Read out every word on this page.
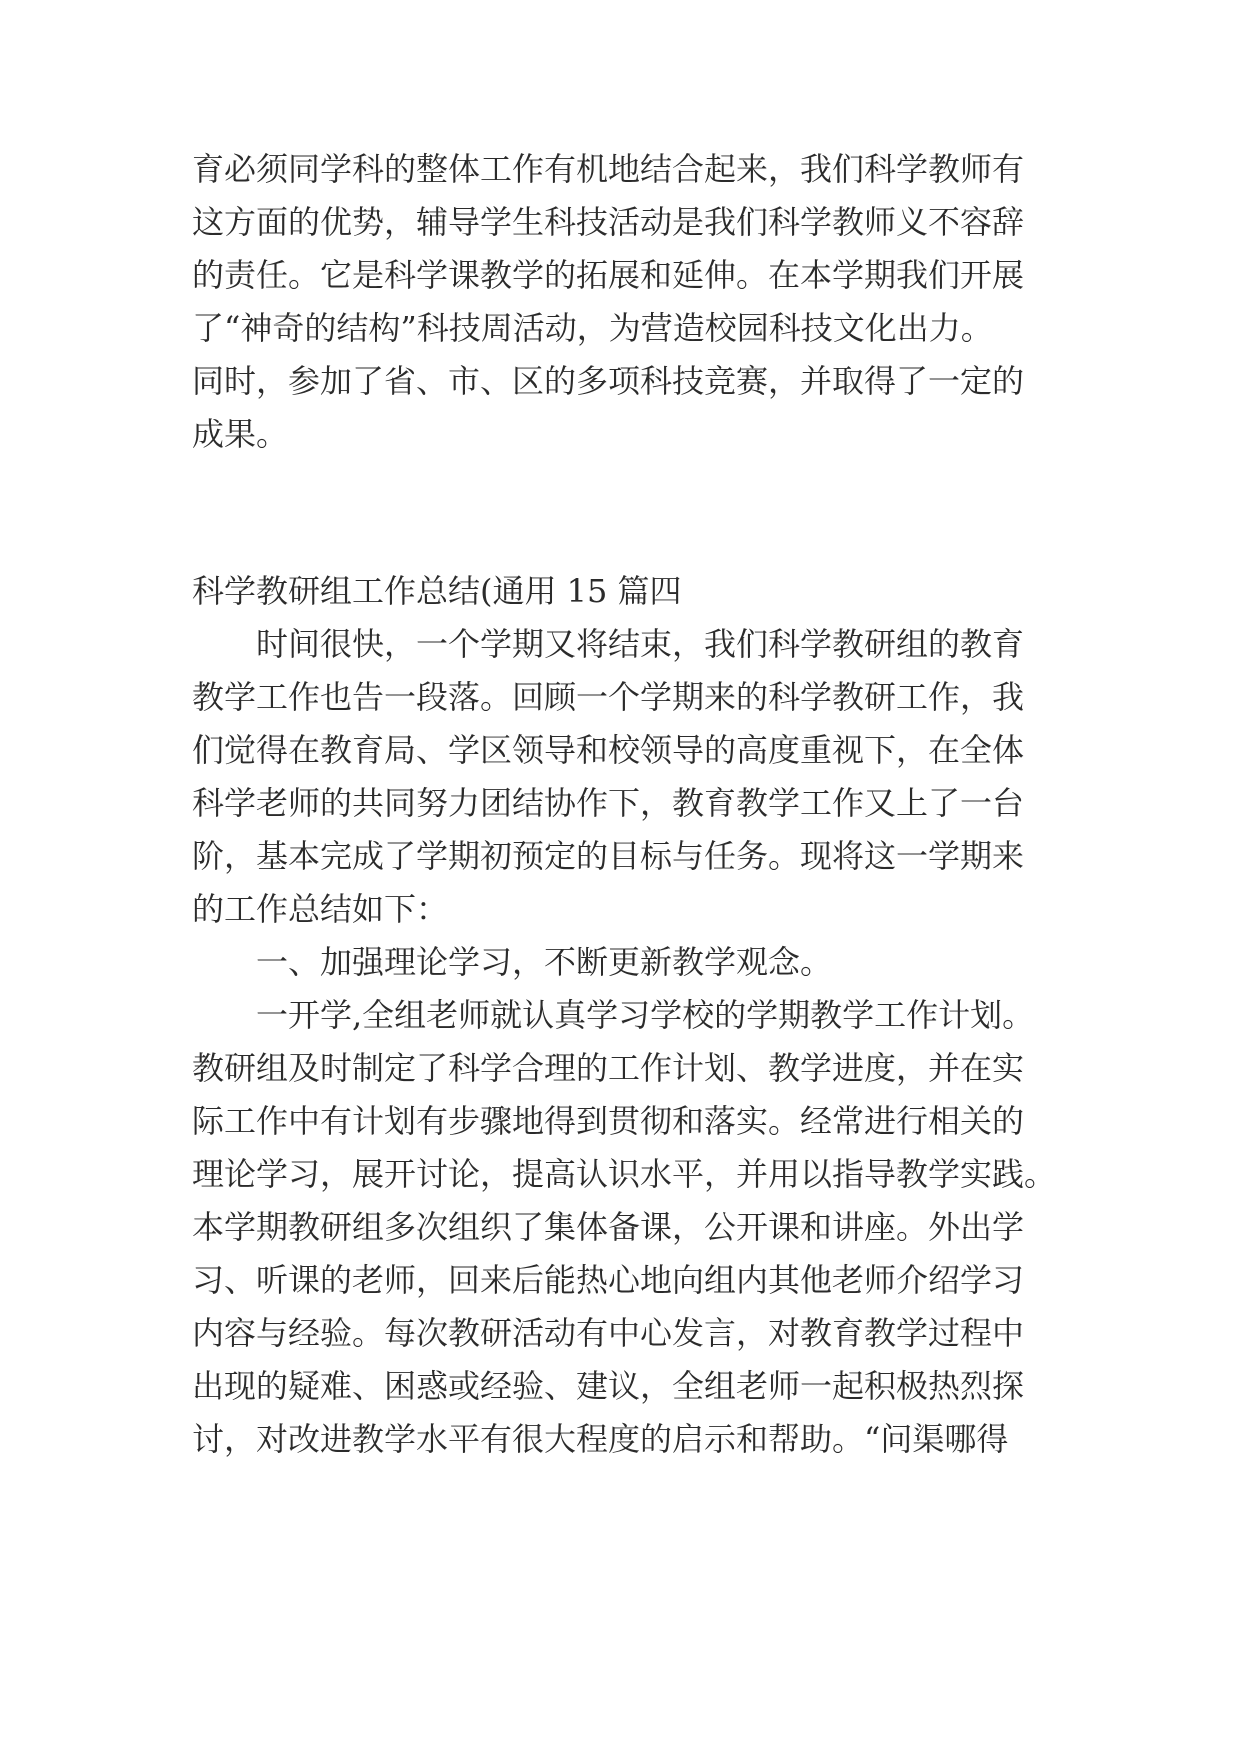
育必须同学科的整体工作有机地结合起来，我们科学教师有
这方面的优势，辅导学生科技活动是我们科学教师义不容辞
的责任。它是科学课教学的拓展和延伸。在本学期我们开展
了“神奇的结构”科技周活动，为营造校园科技文化出力。
同时，参加了省、市、区的多项科技竞赛，并取得了一定的
成果。
科学教研组工作总结(通用 15 篇四
时间很快，一个学期又将结束，我们科学教研组的教育
教学工作也告一段落。回顾一个学期来的科学教研工作，我
们觉得在教育局、学区领导和校领导的高度重视下，在全体
科学老师的共同努力团结协作下，教育教学工作又上了一台
阶，基本完成了学期初预定的目标与任务。现将这一学期来
的工作总结如下：
一、加强理论学习，不断更新教学观念。
一开学,全组老师就认真学习学校的学期教学工作计划。
教研组及时制定了科学合理的工作计划、教学进度，并在实
际工作中有计划有步骤地得到贯彻和落实。经常进行相关的
理论学习，展开讨论，提高认识水平，并用以指导教学实践。
本学期教研组多次组织了集体备课，公开课和讲座。外出学
习、听课的老师，回来后能热心地向组内其他老师介绍学习
内容与经验。每次教研活动有中心发言，对教育教学过程中
出现的疑难、困惑或经验、建议，全组老师一起积极热烈探
讨，对改进教学水平有很大程度的启示和帮助。“问渠哪得
